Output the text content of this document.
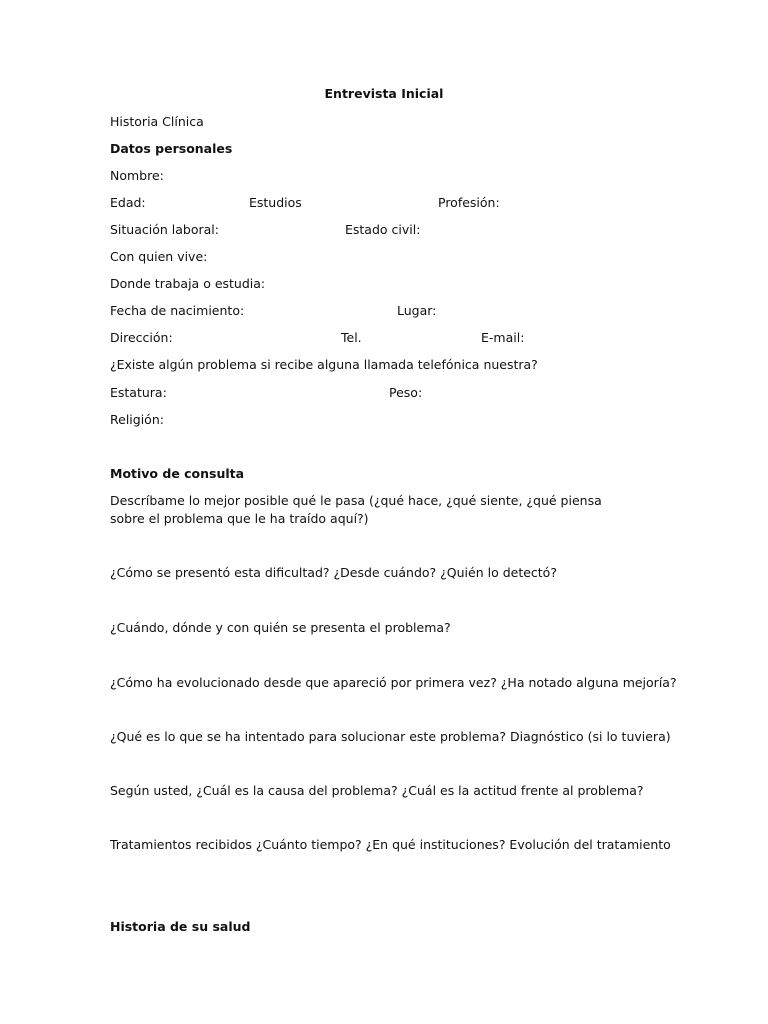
Entrevista Inicial
Historia Clínica
Datos personales
Nombre:
Edad:	Estudios	Profesión:
Situación laboral:	Estado civil:
Con quien vive:
Donde trabaja o estudia:
Fecha de nacimiento:	Lugar:
Dirección:	Tel.	E-mail:
¿Existe algún problema si recibe alguna llamada telefónica nuestra?
Estatura:	Peso:
Religión:
Motivo de consulta
Descríbame lo mejor posible qué le pasa (¿qué hace, ¿qué siente, ¿qué piensa sobre el problema que le ha traído aquí?)
¿Cómo se presentó esta dificultad? ¿Desde cuándo? ¿Quién lo detectó?
¿Cuándo, dónde y con quién se presenta el problema?
¿Cómo ha evolucionado desde que apareció por primera vez? ¿Ha notado alguna mejoría?
¿Qué es lo que se ha intentado para solucionar este problema? Diagnóstico (si lo tuviera)
Según usted, ¿Cuál es la causa del problema? ¿Cuál es la actitud frente al problema?
Tratamientos recibidos ¿Cuánto tiempo? ¿En qué instituciones? Evolución del tratamiento
Historia de su salud
